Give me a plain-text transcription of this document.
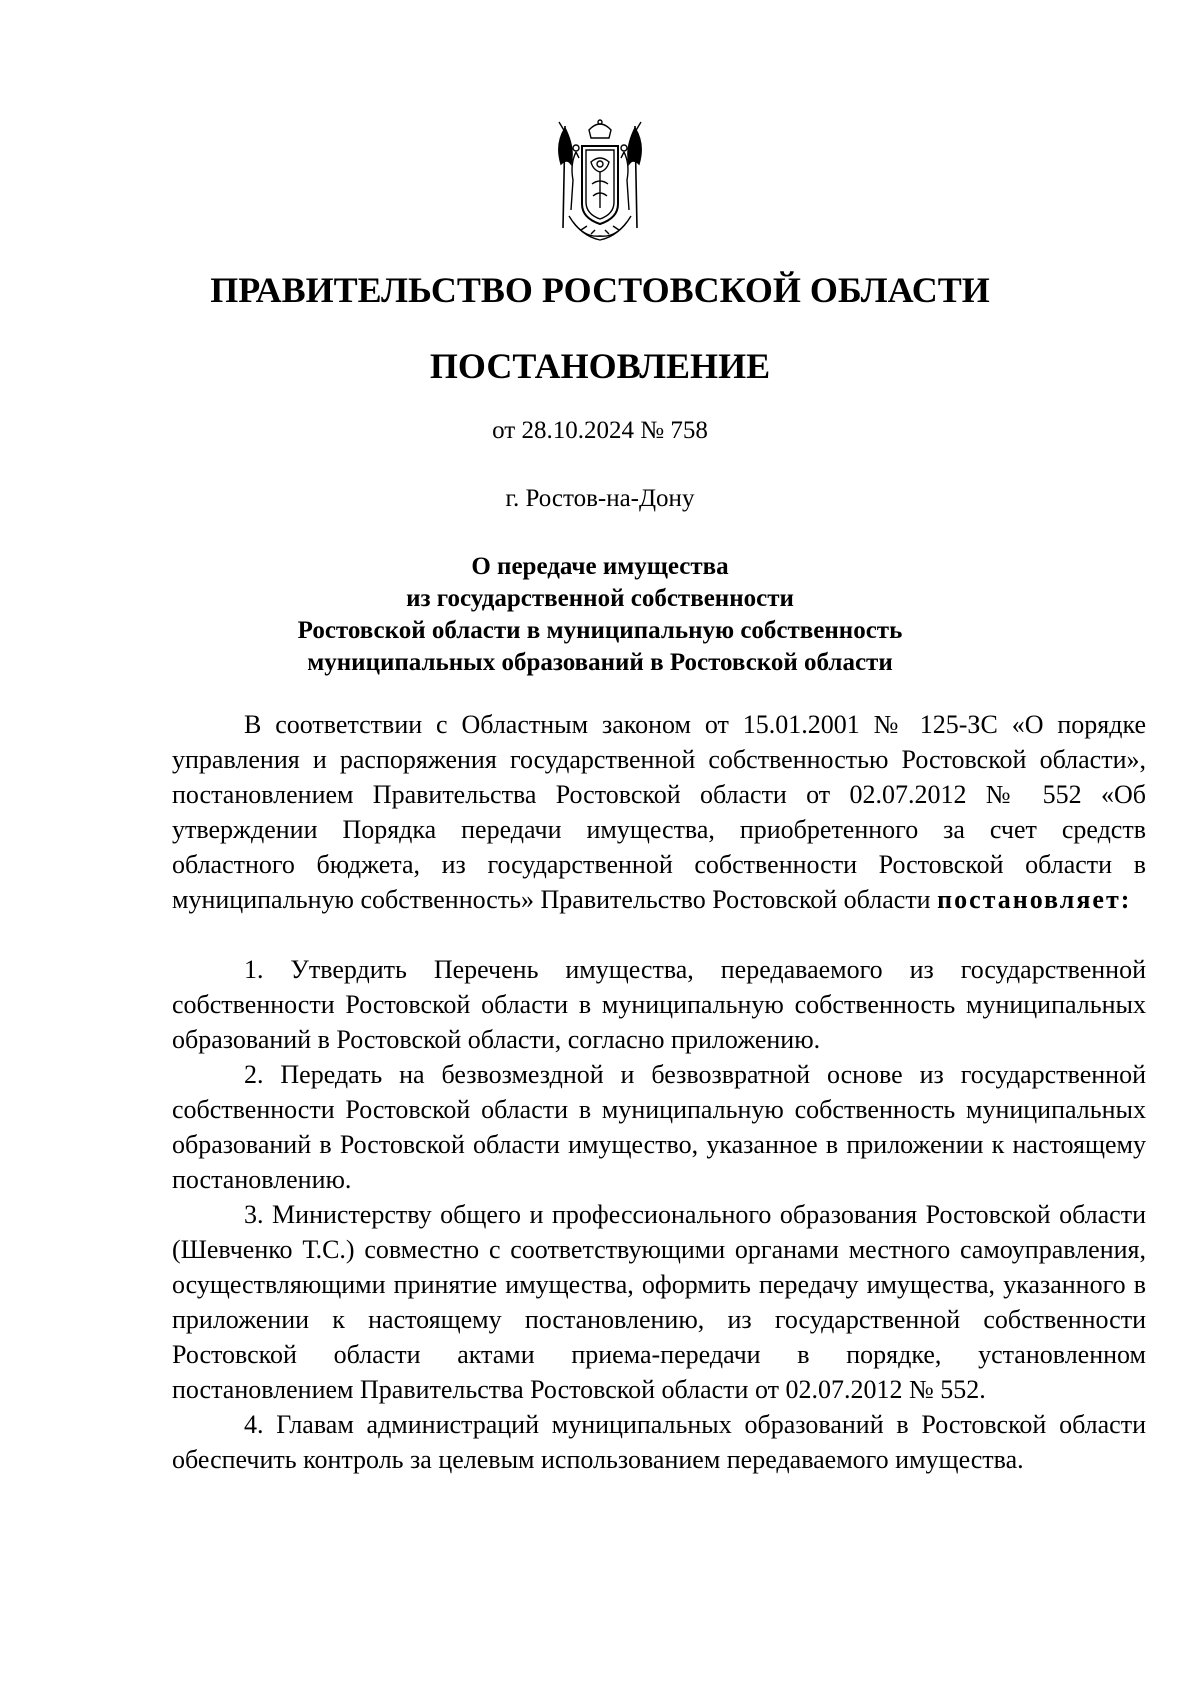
ПРАВИТЕЛЬСТВО РОСТОВСКОЙ ОБЛАСТИ
ПОСТАНОВЛЕНИЕ
от 28.10.2024 № 758
г. Ростов-на-Дону
О передаче имущества
из государственной собственности
Ростовской области в муниципальную собственность
муниципальных образований в Ростовской области

В соответствии с Областным законом от 15.01.2001 № 125-ЗС «О порядке управления и распоряжения государственной собственностью Ростовской области», постановлением Правительства Ростовской области от 02.07.2012 № 552 «Об утверждении Порядка передачи имущества, приобретенного за счет средств областного бюджета, из государственной собственности Ростовской области в муниципальную собственность» Правительство Ростовской области постановляет:

1. Утвердить Перечень имущества, передаваемого из государственной собственности Ростовской области в муниципальную собственность муниципальных образований в Ростовской области, согласно приложению.

2. Передать на безвозмездной и безвозвратной основе из государственной собственности Ростовской области в муниципальную собственность муниципальных образований в Ростовской области имущество, указанное в приложении к настоящему постановлению.

3. Министерству общего и профессионального образования Ростовской области (Шевченко Т.С.) совместно с соответствующими органами местного самоуправления, осуществляющими принятие имущества, оформить передачу имущества, указанного в приложении к настоящему постановлению, из государственной собственности Ростовской области актами приема-передачи в порядке, установленном постановлением Правительства Ростовской области от 02.07.2012 № 552.

4. Главам администраций муниципальных образований в Ростовской области обеспечить контроль за целевым использованием передаваемого имущества.
